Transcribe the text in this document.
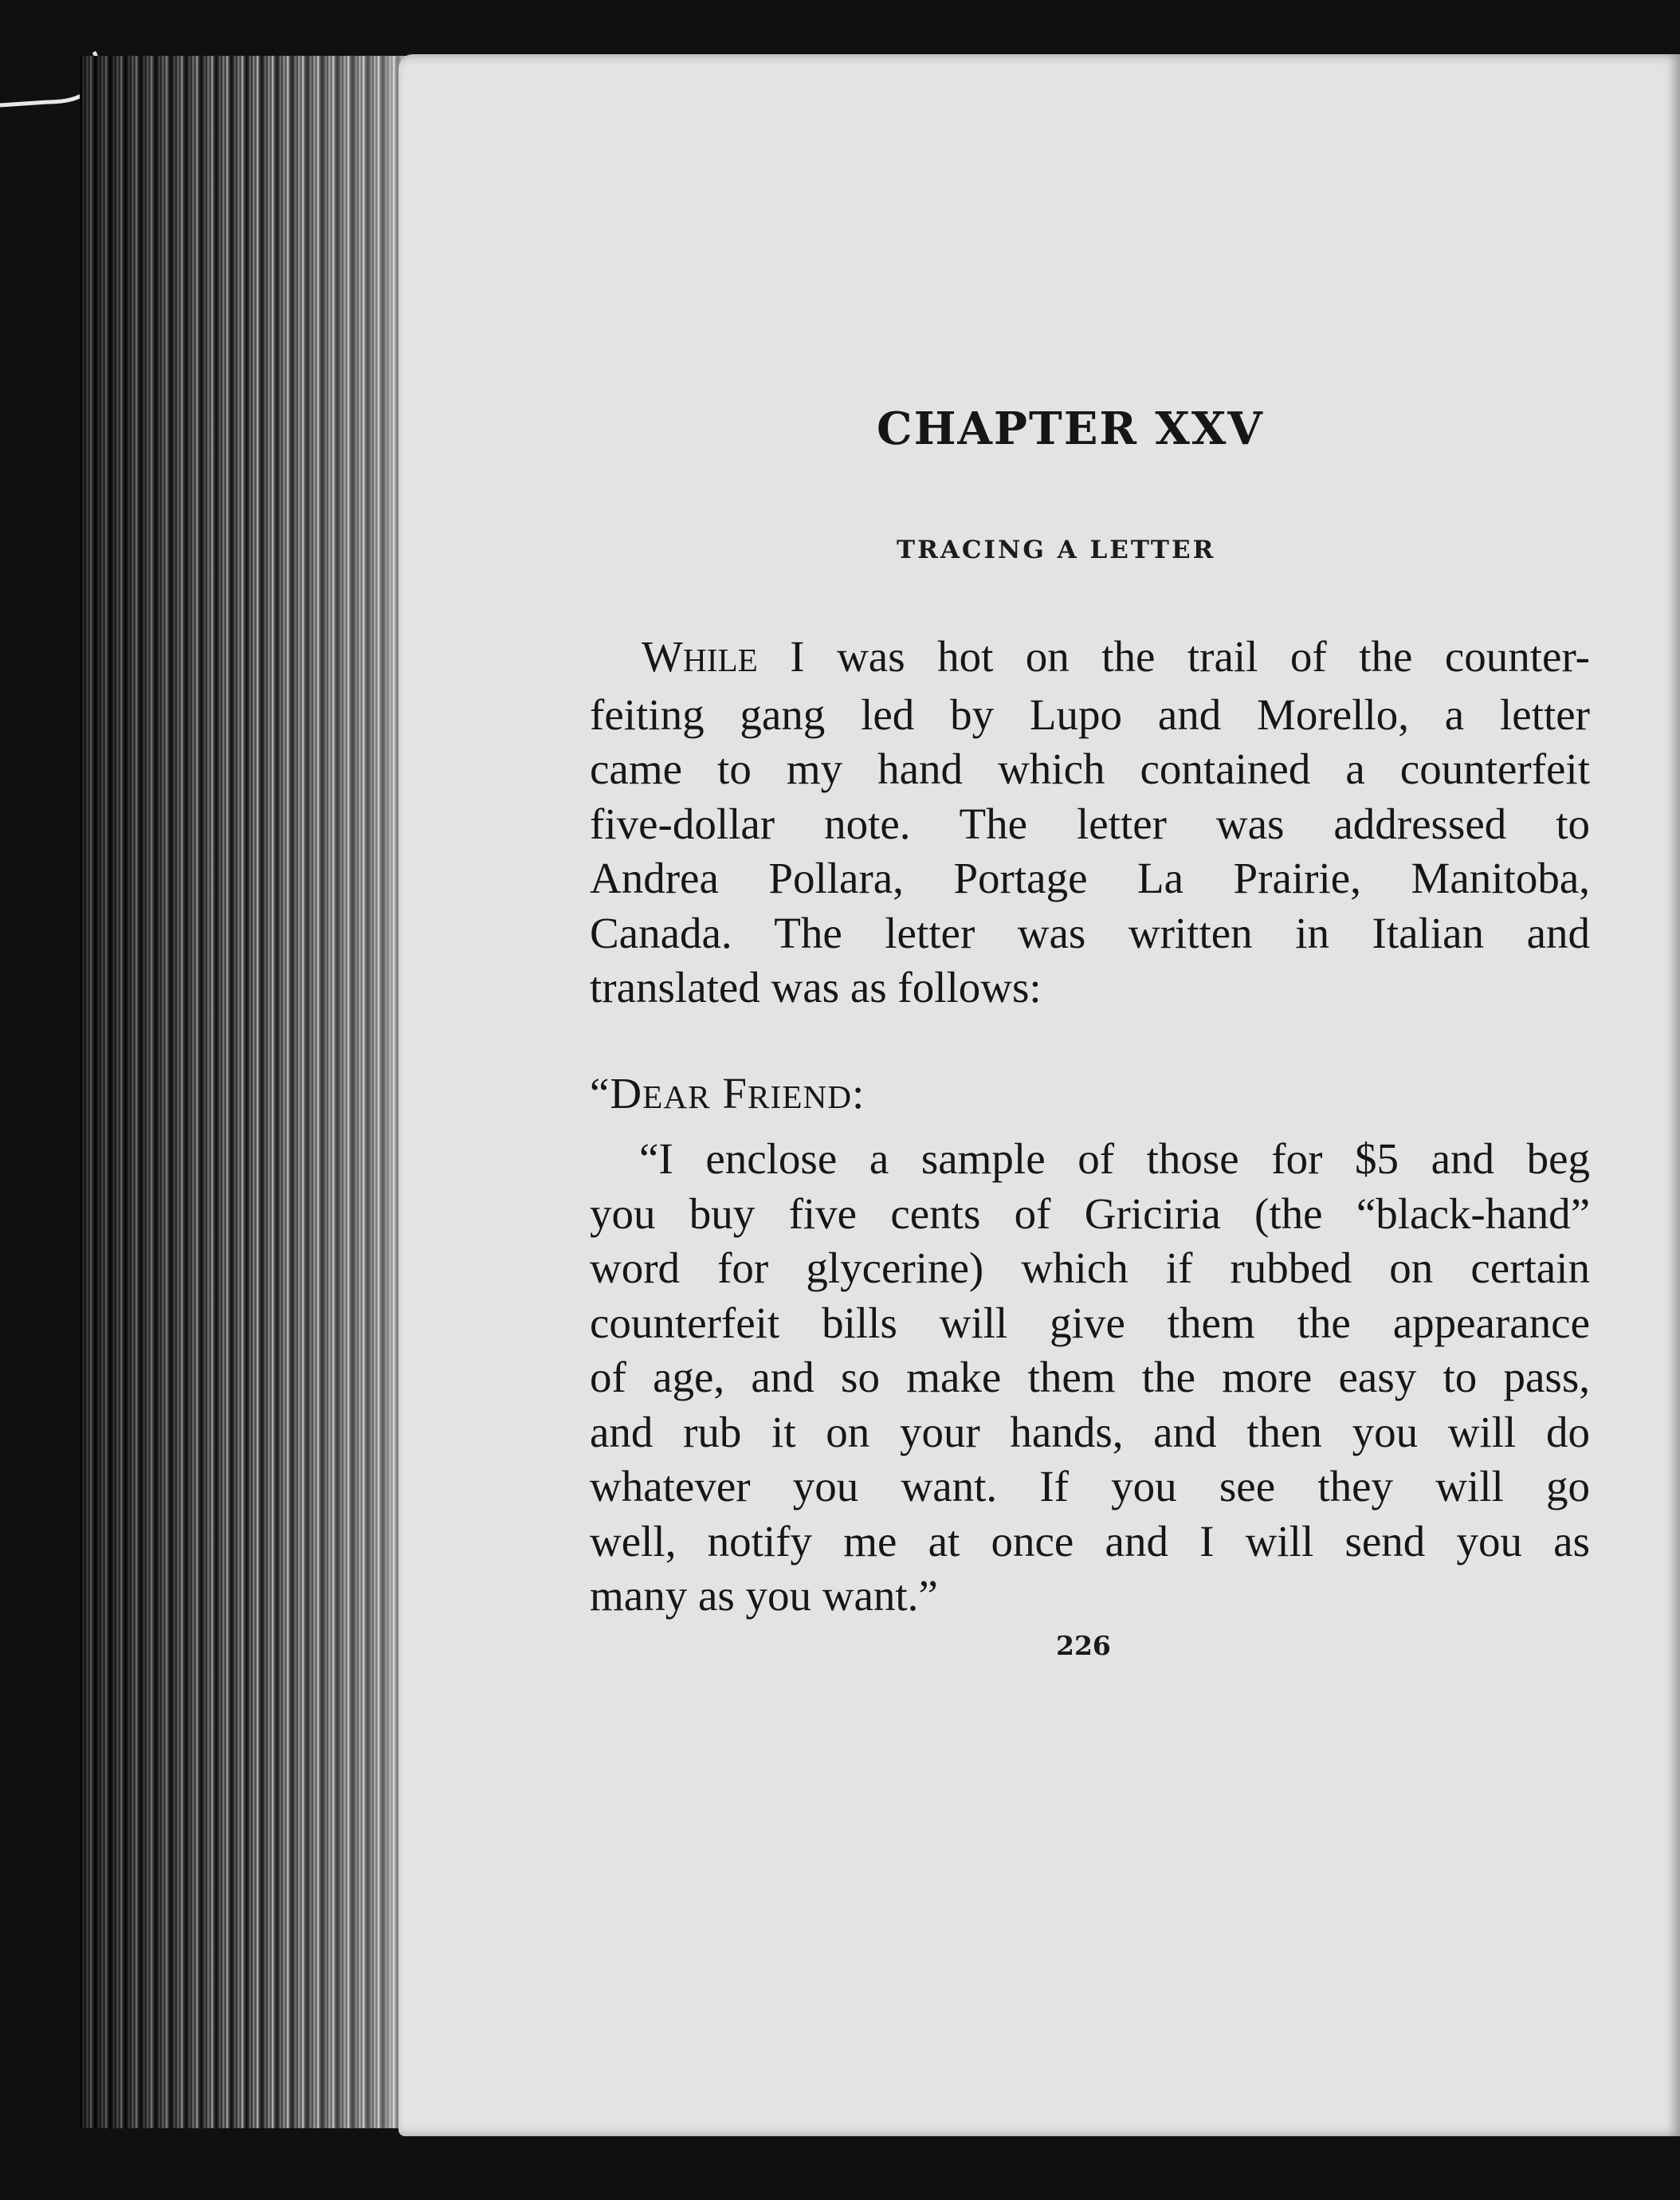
CHAPTER XXV
TRACING A LETTER
WHILE I was hot on the trail of the counter-
feiting gang led by Lupo and Morello, a letter
came to my hand which contained a counterfeit
five-dollar note. The letter was addressed to
Andrea Pollara, Portage La Prairie, Manitoba,
Canada. The letter was written in Italian and
translated was as follows:
“DEAR FRIEND:
“I enclose a sample of those for $5 and beg
you buy five cents of Griciria (the “black-hand”
word for glycerine) which if rubbed on certain
counterfeit bills will give them the appearance
of age, and so make them the more easy to pass,
and rub it on your hands, and then you will do
whatever you want. If you see they will go
well, notify me at once and I will send you as
many as you want.”
226
